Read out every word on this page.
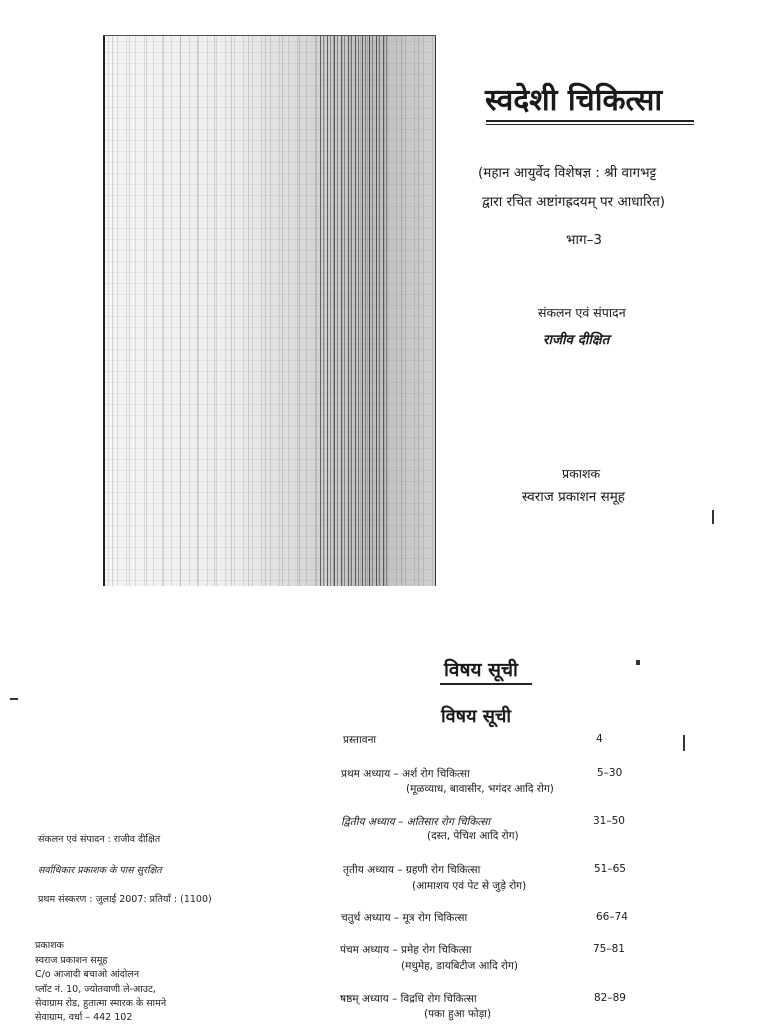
स्वदेशी चिकित्सा
(महान आयुर्वेद विशेषज्ञ : श्री वागभट्ट
द्वारा रचित अष्टांगह्रदयम् पर आधारित)
भाग–3
संकलन एवं संपादन
राजीव दीक्षित
प्रकाशक
स्वराज प्रकाशन समूह
विषय सूची
विषय सूची
प्रस्तावना	4
प्रथम अध्याय – अर्श रोग चिकित्सा	5–30
(मूळव्याध, बावासीर, भगंदर आदि रोग)
द्वितीय अध्याय – अतिसार रोग चिकित्सा	31–50
(दस्त, पेचिश आदि रोग)
तृतीय अध्याय – ग्रहणी रोग चिकित्सा	51–65
(आमाशय एवं पेट से जुड़े रोग)
चतुर्थ अध्याय – मूत्र रोग चिकित्सा	66–74
पंचम अध्याय – प्रमेह रोग चिकित्सा	75–81
(मधुमेह, डायबिटीज आदि रोग)
षष्ठम् अध्याय – विद्रधि रोग चिकित्सा	82–89
(पका हुआ फोड़ा)
संकलन एवं संपादन : राजीव दीक्षित
सर्वाधिकार प्रकाशक के पास सुरक्षित
प्रथम संस्करण : जुलाई 2007: प्रतियाँ : (1100)
प्रकाशक
स्वराज प्रकाशन समूह
C/o आजादी बचाओ आंदोलन
प्लॉट नं. 10, ज्योतवाणी ले-आउट,
सेवाग्राम रोड, हुतात्मा स्मारक के सामने
सेवाग्राम, वर्धा – 442 102
